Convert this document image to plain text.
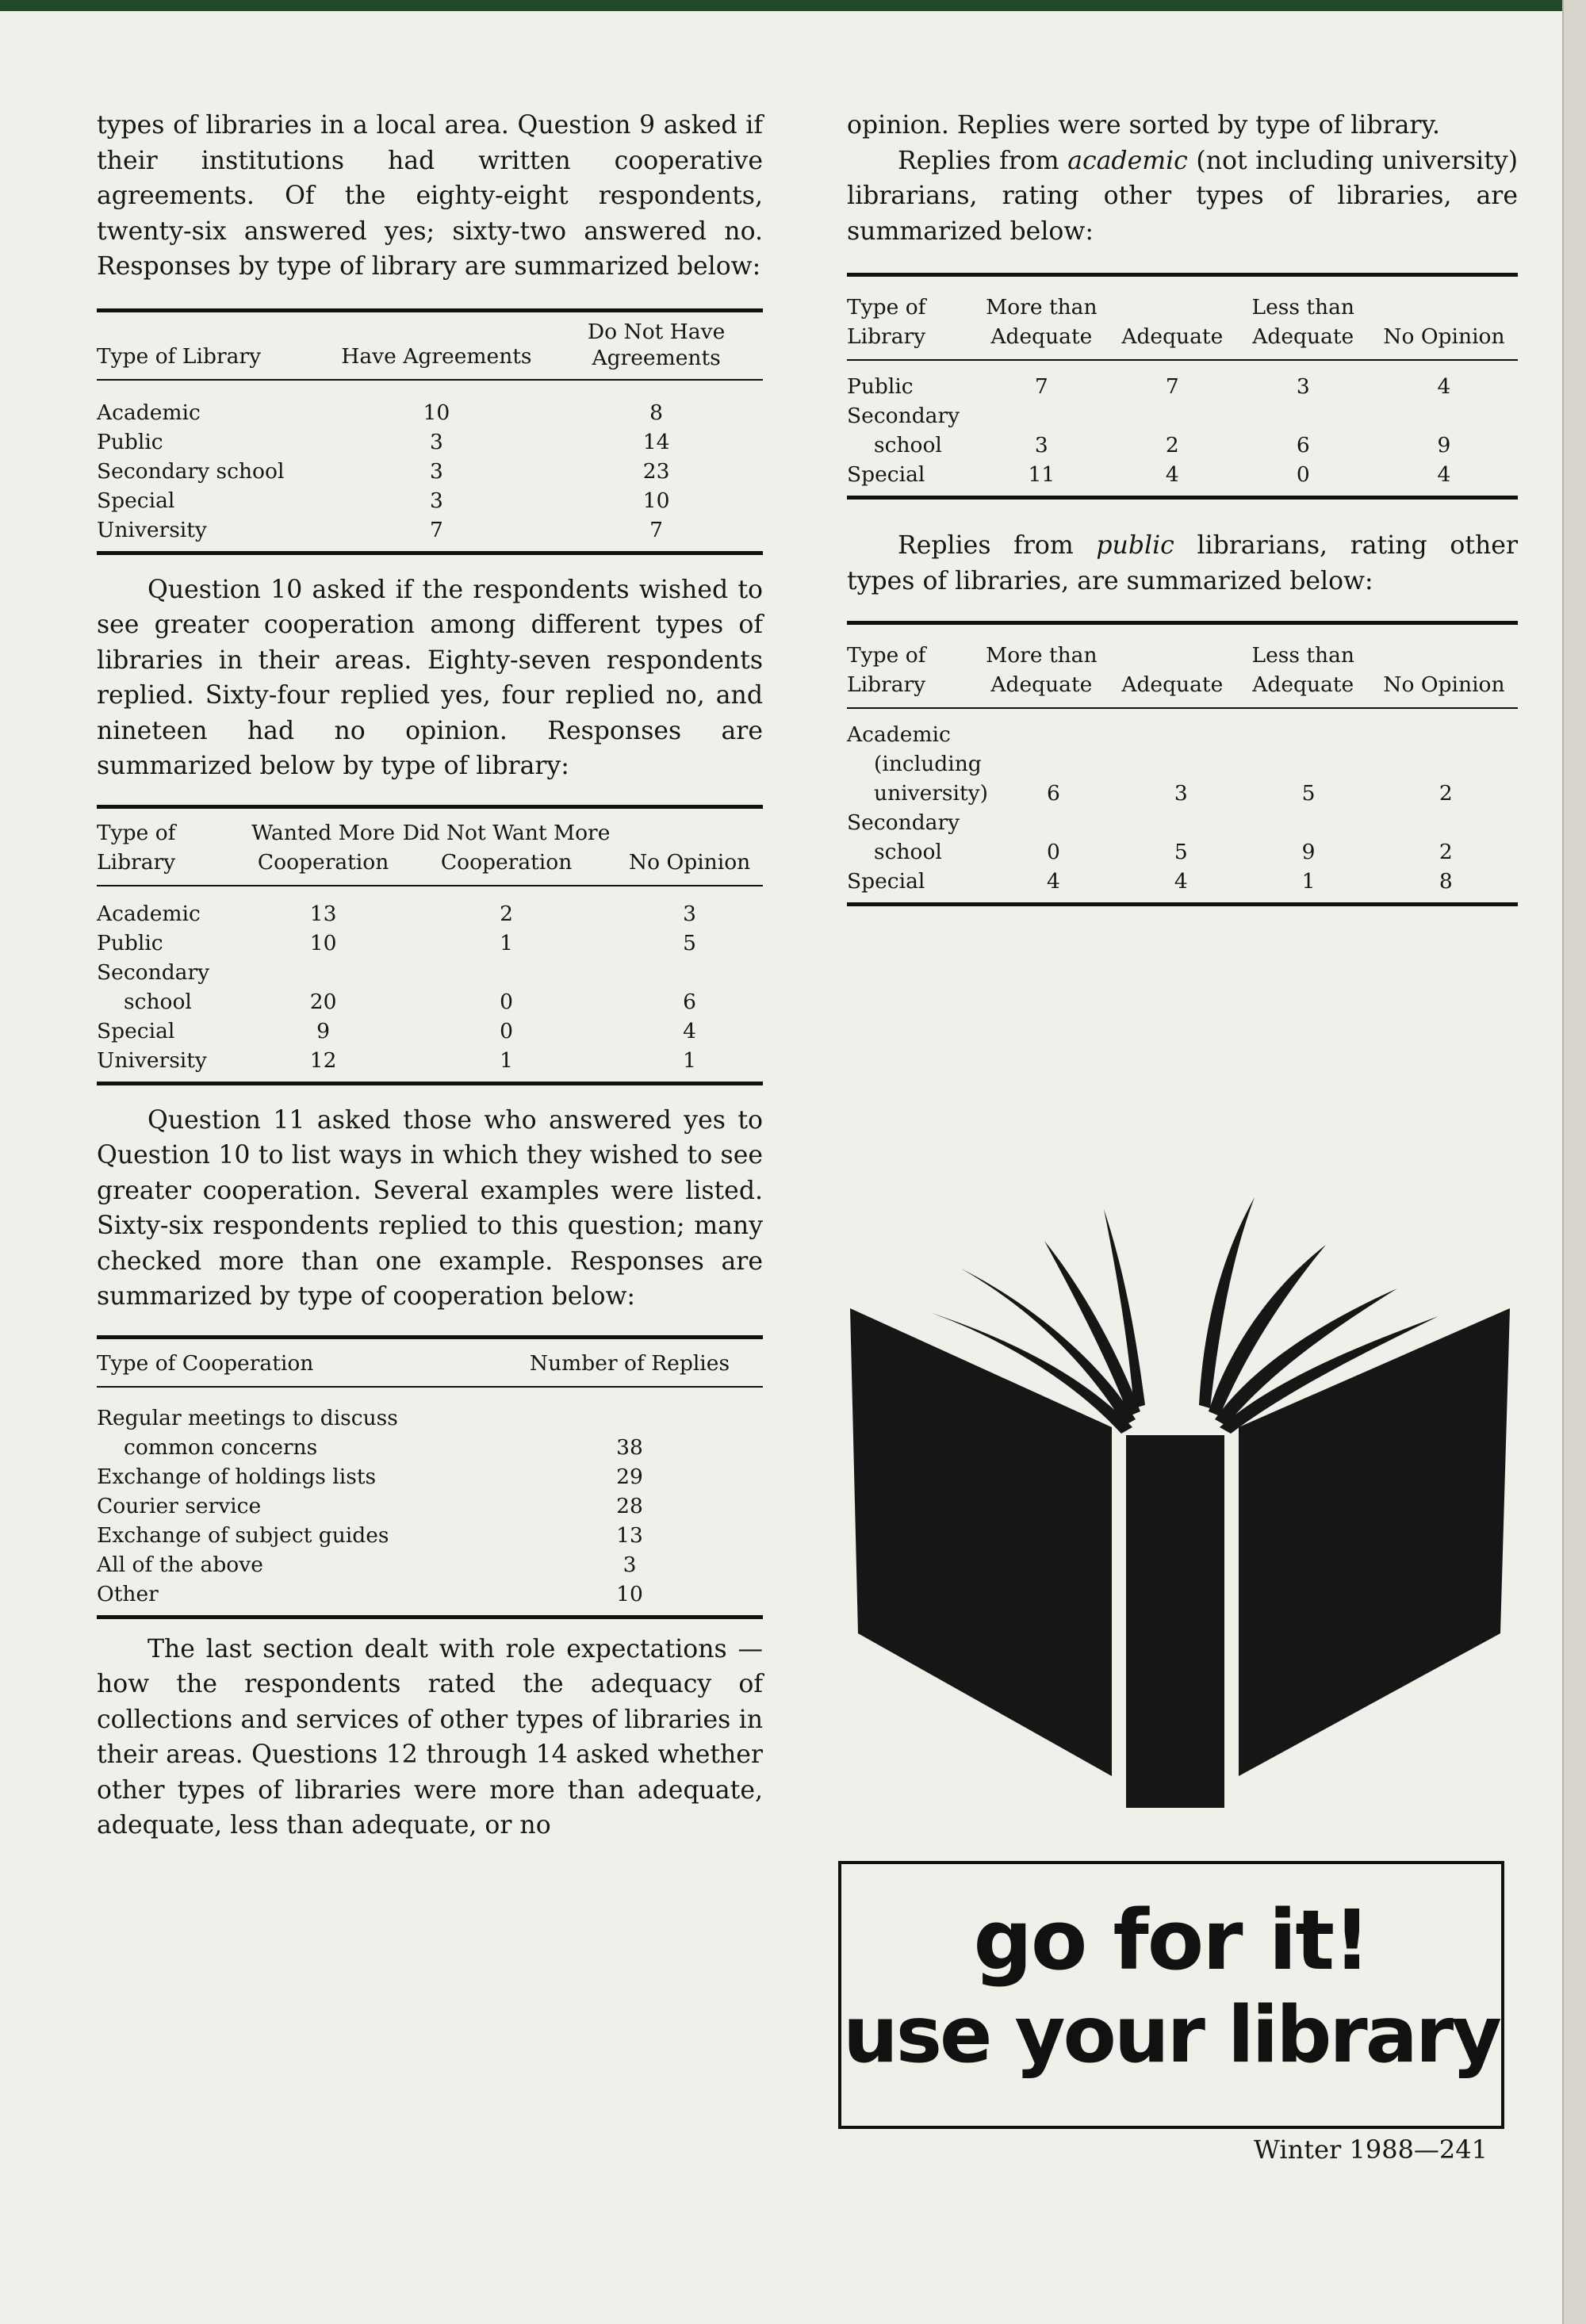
types of libraries in a local area. Question 9 asked if their institutions had written cooperative agreements. Of the eighty-eight respondents, twenty-six answered yes; sixty-two answered no. Responses by type of library are summarized below:

Type of Library	Have Agreements	Do Not Have Agreements
Academic	10	8
Public	3	14
Secondary school	3	23
Special	3	10
University	7	7

Question 10 asked if the respondents wished to see greater cooperation among different types of libraries in their areas. Eighty-seven respondents replied. Sixty-four replied yes, four replied no, and nineteen had no opinion. Responses are summarized below by type of library:

Type of Library	Wanted More Cooperation	Did Not Want More Cooperation	No Opinion
Academic	13	2	3
Public	10	1	5
Secondary			
school	20	0	6
Special	9	0	4
University	12	1	1

Question 11 asked those who answered yes to Question 10 to list ways in which they wished to see greater cooperation. Several examples were listed. Sixty-six respondents replied to this question; many checked more than one example. Responses are summarized by type of cooperation below:

Type of Cooperation	Number of Replies
Regular meetings to discuss	
common concerns	38
Exchange of holdings lists	29
Courier service	28
Exchange of subject guides	13
All of the above	3
Other	10

The last section dealt with role expectations —how the respondents rated the adequacy of collections and services of other types of libraries in their areas. Questions 12 through 14 asked whether other types of libraries were more than adequate, adequate, less than adequate, or no

opinion. Replies were sorted by type of library.

Replies from academic (not including university) librarians, rating other types of libraries, are summarized below:

Type of Library	More than Adequate	Adequate	Less than Adequate	No Opinion
Public	7	7	3	4
Secondary				
school	3	2	6	9
Special	11	4	0	4

Replies from public librarians, rating other types of libraries, are summarized below:

Type of Library	More than Adequate	Adequate	Less than Adequate	No Opinion
Academic				
(including				
university)	6	3	5	2
Secondary				
school	0	5	9	2
Special	4	4	1	8
go for it!
use your library
Winter 1988—241
